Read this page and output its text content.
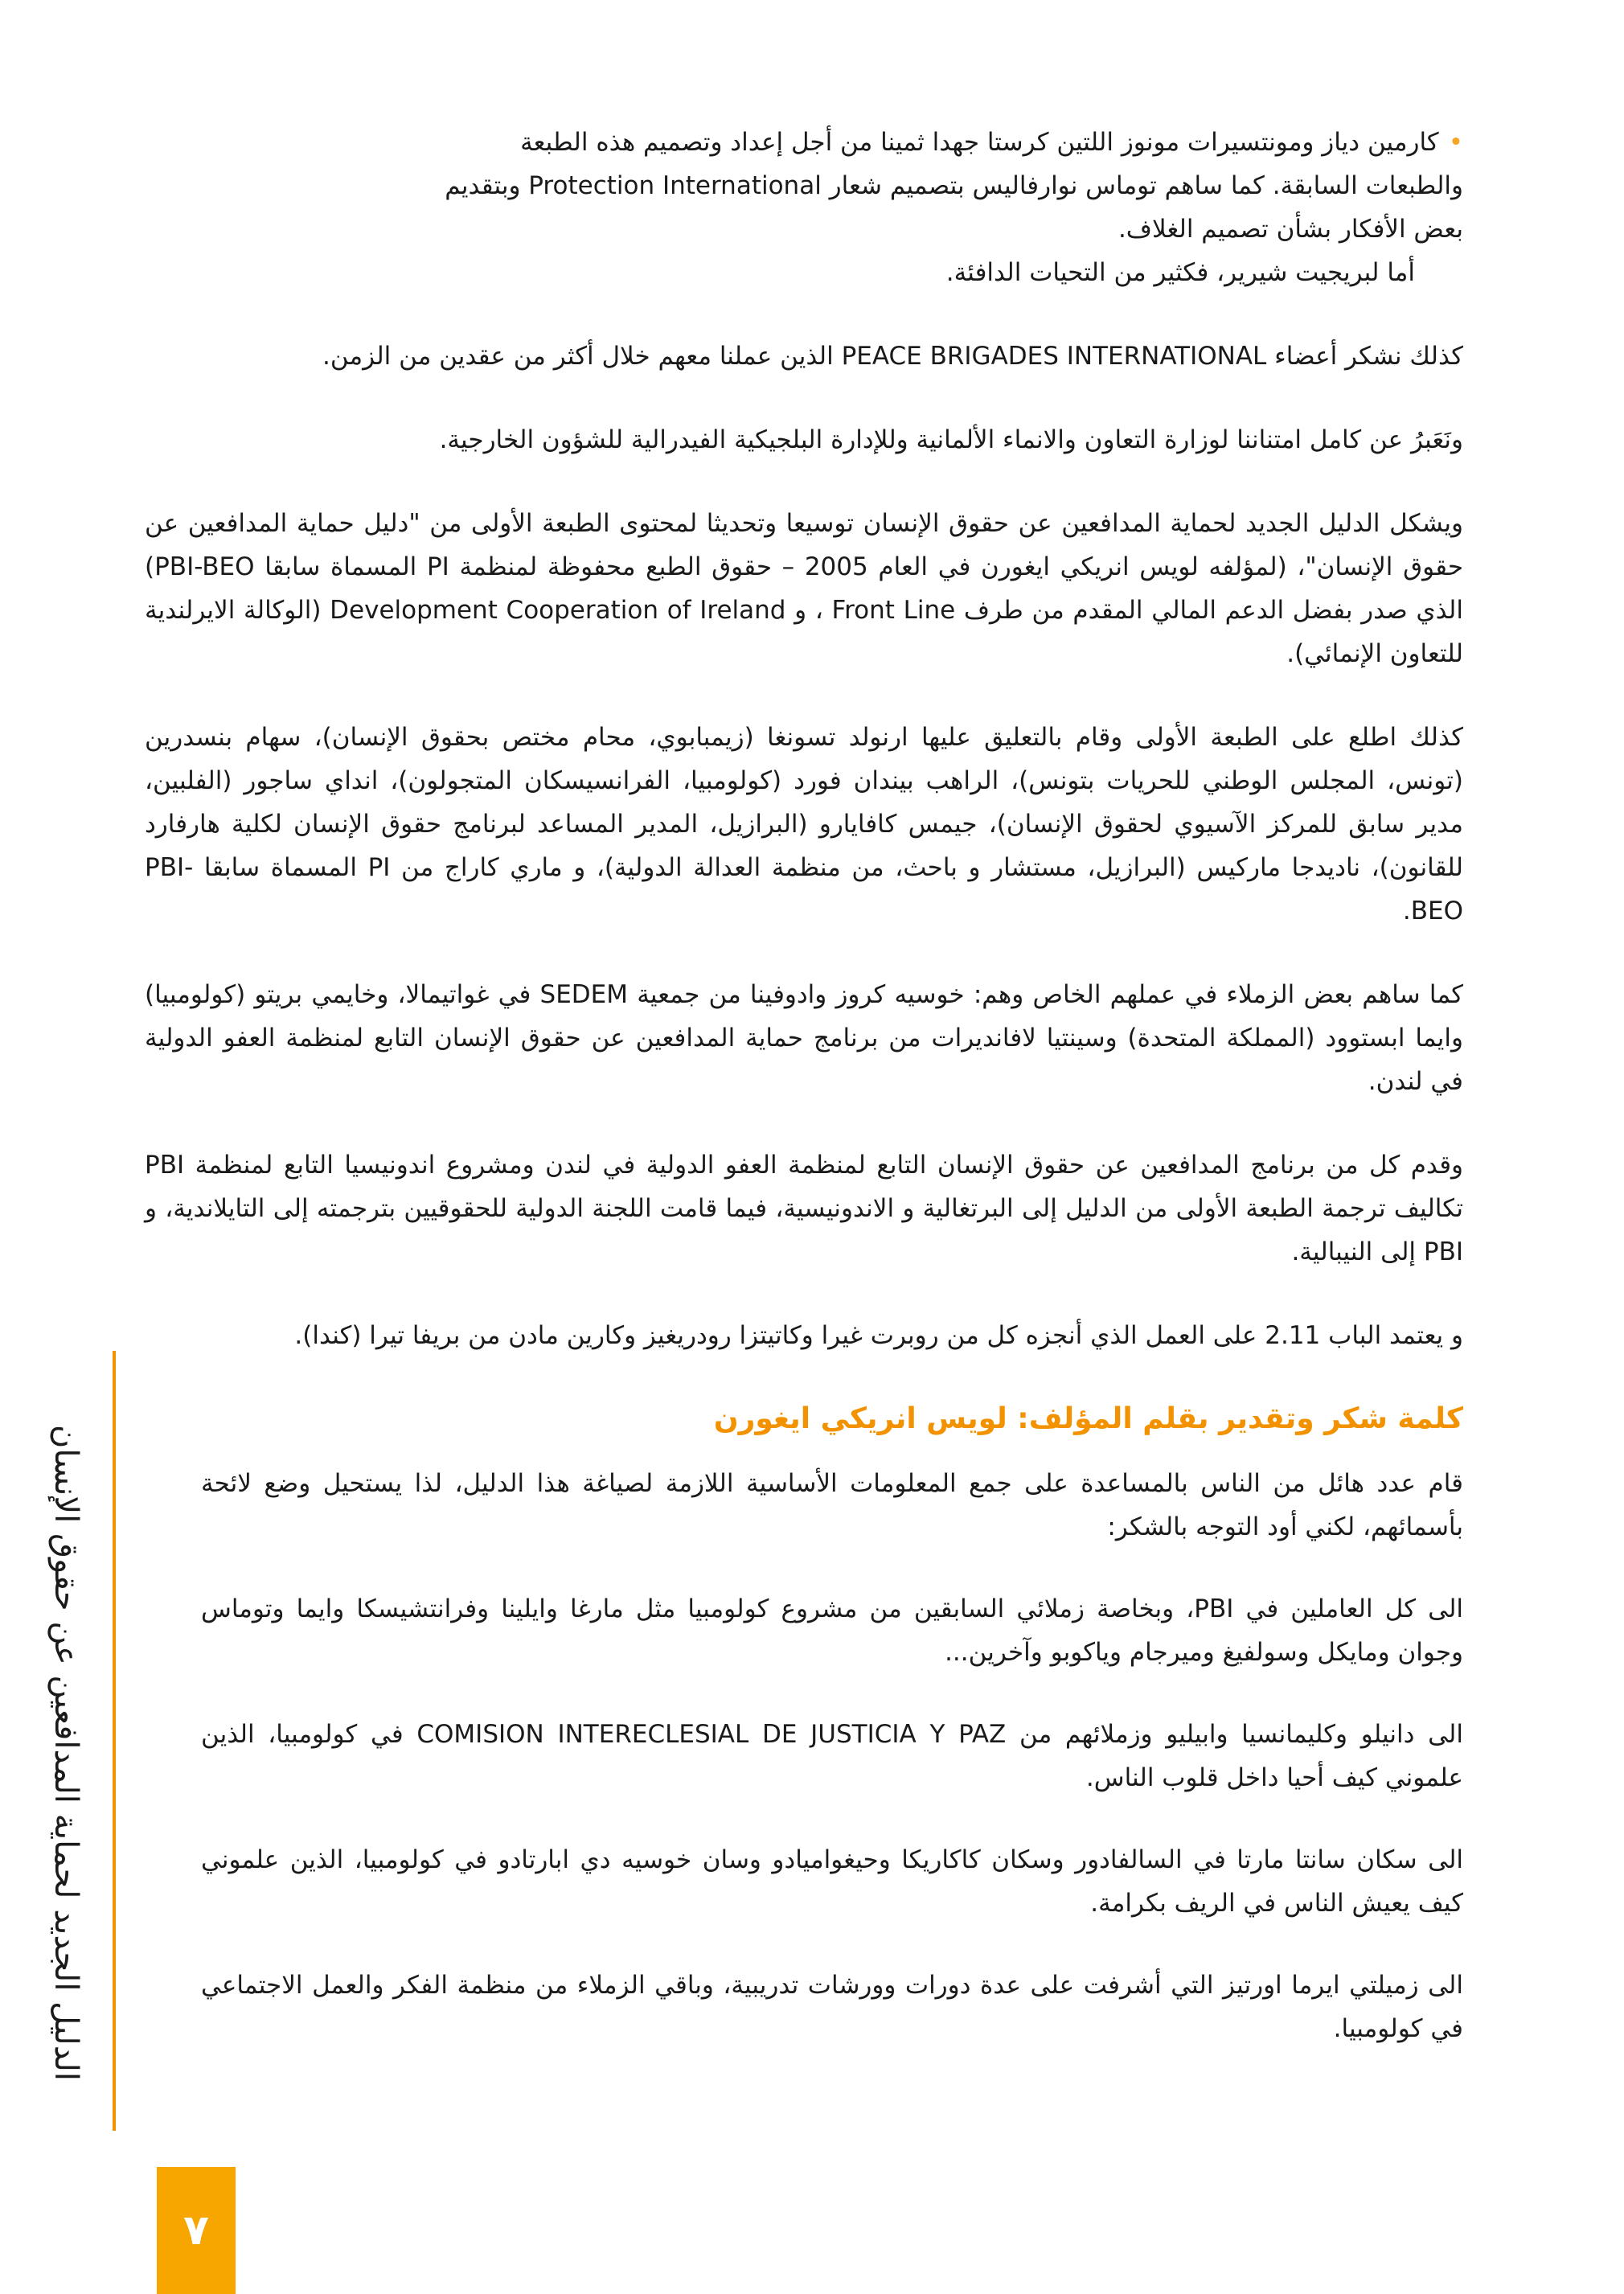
•كارمين دياز ومونتسيرات مونوز اللتين كرستا جهدا ثمينا من أجل إعداد وتصميم هذه الطبعة
والطبعات السابقة. كما ساهم توماس نوارفاليس بتصميم شعار Protection International وبتقديم
بعض الأفكار بشأن تصميم الغلاف.
أما لبريجيت شيرير، فكثير من التحيات الدافئة.

كذلك نشكر أعضاء PEACE BRIGADES INTERNATIONAL الذين عملنا معهم خلال أكثر من عقدين من الزمن.

ونَعَبرُ عن كامل امتناننا لوزارة التعاون والانماء الألمانية وللإدارة البلجيكية الفيدرالية للشؤون الخارجية.

ويشكل الدليل الجديد لحماية المدافعين عن حقوق الإنسان توسيعا وتحديثا لمحتوى الطبعة الأولى من "دليل حماية المدافعين عن حقوق الإنسان"، (لمؤلفه لويس انريكي ايغورن في العام 2005 – حقوق الطبع محفوظة لمنظمة PI المسماة سابقا PBI-BEO) الذي صدر بفضل الدعم المالي المقدم من طرف Front Line ، و Development Cooperation of Ireland (الوكالة الايرلندية للتعاون الإنمائي).

كذلك اطلع على الطبعة الأولى وقام بالتعليق عليها ارنولد تسونغا (زيمبابوي، محام مختص بحقوق الإنسان)، سهام بنسدرين (تونس، المجلس الوطني للحريات بتونس)، الراهب بيندان فورد (كولومبيا، الفرانسيسكان المتجولون)، انداي ساجور (الفلبين، مدير سابق للمركز الآسيوي لحقوق الإنسان)، جيمس كافايارو (البرازيل، المدير المساعد لبرنامج حقوق الإنسان لكلية هارفارد للقانون)، ناديدجا ماركيس (البرازيل، مستشار و باحث، من منظمة العدالة الدولية)، و ماري كاراج من PI المسماة سابقا PBI-BEO.

كما ساهم بعض الزملاء في عملهم الخاص وهم: خوسيه كروز وادوفينا من جمعية SEDEM في غواتيمالا، وخايمي بريتو (كولومبيا) وايما ابستوود (المملكة المتحدة) وسينتيا لافانديرات من برنامج حماية المدافعين عن حقوق الإنسان التابع لمنظمة العفو الدولية في لندن.

وقدم كل من برنامج المدافعين عن حقوق الإنسان التابع لمنظمة العفو الدولية في لندن ومشروع اندونيسيا التابع لمنظمة PBI تكاليف ترجمة الطبعة الأولى من الدليل إلى البرتغالية و الاندونيسية، فيما قامت اللجنة الدولية للحقوقيين بترجمته إلى التايلاندية، و PBI إلى النيبالية.

و يعتمد الباب 2.11 على العمل الذي أنجزه كل من روبرت غيرا وكاتيتزا رودريغيز وكارين مادن من بريفا تيرا (كندا).

كلمة شكر وتقدير بقلم المؤلف: لويس انريكي ايغورن

قام عدد هائل من الناس بالمساعدة على جمع المعلومات الأساسية اللازمة لصياغة هذا الدليل، لذا يستحيل وضع لائحة بأسمائهم، لكني أود التوجه بالشكر:

الى كل العاملين في PBI، وبخاصة زملائي السابقين من مشروع كولومبيا مثل مارغا وايلينا وفرانتشيسكا وايما وتوماس وجوان ومايكل وسولفيغ وميرجام وياكوبو وآخرين...

الى دانيلو وكليمانسيا وابيليو وزملائهم من COMISION INTERECLESIAL DE JUSTICIA Y PAZ في كولومبيا، الذين علموني كيف أحيا داخل قلوب الناس.

الى سكان سانتا مارتا في السالفادور وسكان كاكاريكا وحيغواميادو وسان خوسيه دي ابارتادو في كولومبيا، الذين علموني كيف يعيش الناس في الريف بكرامة.

الى زميلتي ايرما اورتيز التي أشرفت على عدة دورات وورشات تدريبية، وباقي الزملاء من منظمة الفكر والعمل الاجتماعي في كولومبيا.

الدليل الجديد لحماية المدافعين عن حقوق الإنسان
٧
